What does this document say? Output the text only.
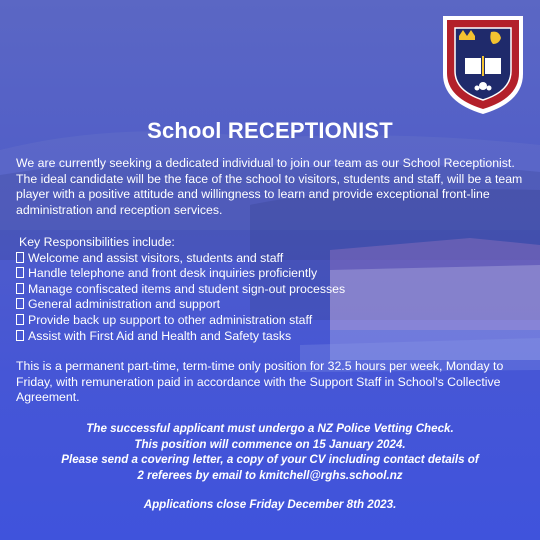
School RECEPTIONIST
We are currently seeking a dedicated individual to join our team as our School Receptionist. The ideal candidate will be the face of the school to visitors, students and staff, will be a team player with a positive attitude and willingness to learn and provide exceptional front-line administration and reception services.
Key Responsibilities include:
Welcome and assist visitors, students and staff
Handle telephone and front desk inquiries proficiently
Manage confiscated items and student sign-out processes
General administration and support
Provide back up support to other administration staff
Assist with First Aid and Health and Safety tasks
This is a permanent part-time, term-time only position for 32.5 hours per week, Monday to Friday, with remuneration paid in accordance with the Support Staff in School's Collective Agreement.
The successful applicant must undergo a NZ Police Vetting Check.
This position will commence on 15 January 2024.
Please send a covering letter, a copy of your CV including contact details of
2 referees by email to kmitchell@rghs.school.nz
Applications close Friday December 8th 2023.
